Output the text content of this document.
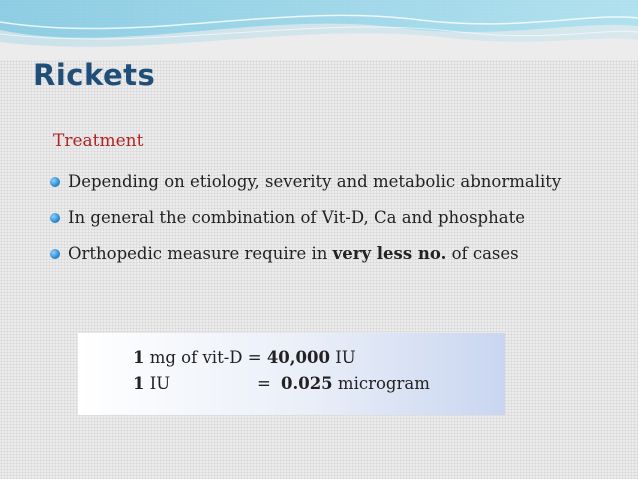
Rickets
Treatment
Depending on etiology, severity and metabolic abnormality
In general the combination of Vit-D, Ca and phosphate
Orthopedic measure require in very less no. of cases
1 mg of vit-D = 40,000 IU
1 IU	= 0.025 microgram
